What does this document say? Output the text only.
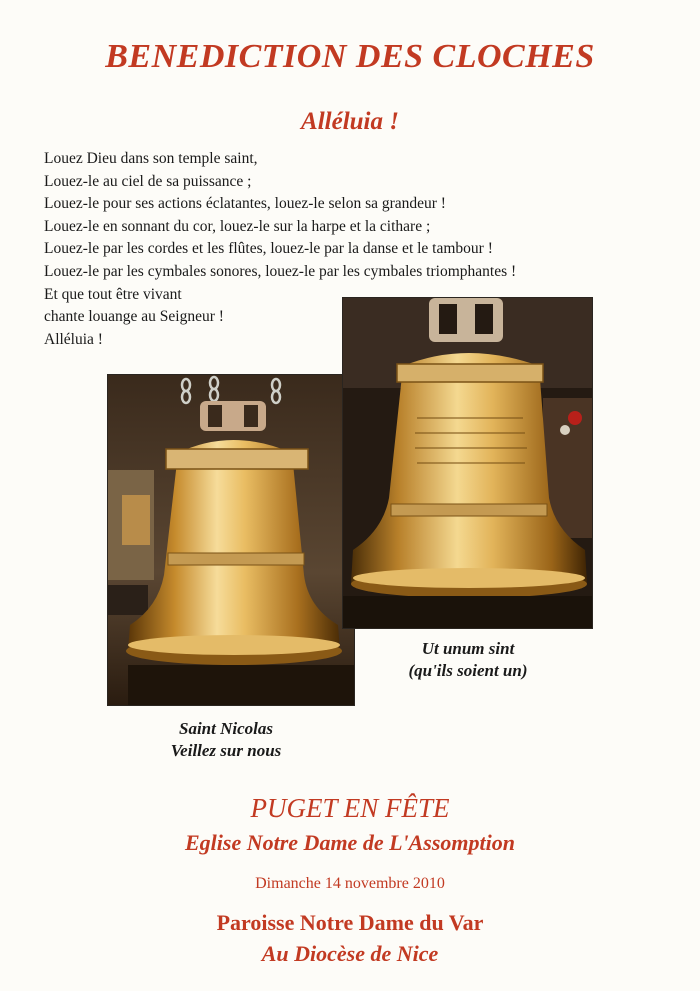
BENEDICTION DES CLOCHES
Alléluia !
Louez Dieu dans son temple saint,
Louez-le au ciel de sa puissance ;
Louez-le pour ses actions éclatantes, louez-le selon sa grandeur !
Louez-le en sonnant du cor, louez-le sur la harpe et la cithare ;
Louez-le par les cordes et les flûtes, louez-le par la danse et le tambour !
Louez-le par les cymbales sonores, louez-le par les cymbales triomphantes !
Et que tout être vivant
chante louange au Seigneur !
Alléluia !
Ut unum sint
(qu'ils soient un)
Saint Nicolas
Veillez sur nous
PUGET EN FÊTE
Eglise Notre Dame de L'Assomption
Dimanche 14 novembre 2010
Paroisse Notre Dame du Var
Au Diocèse de Nice
